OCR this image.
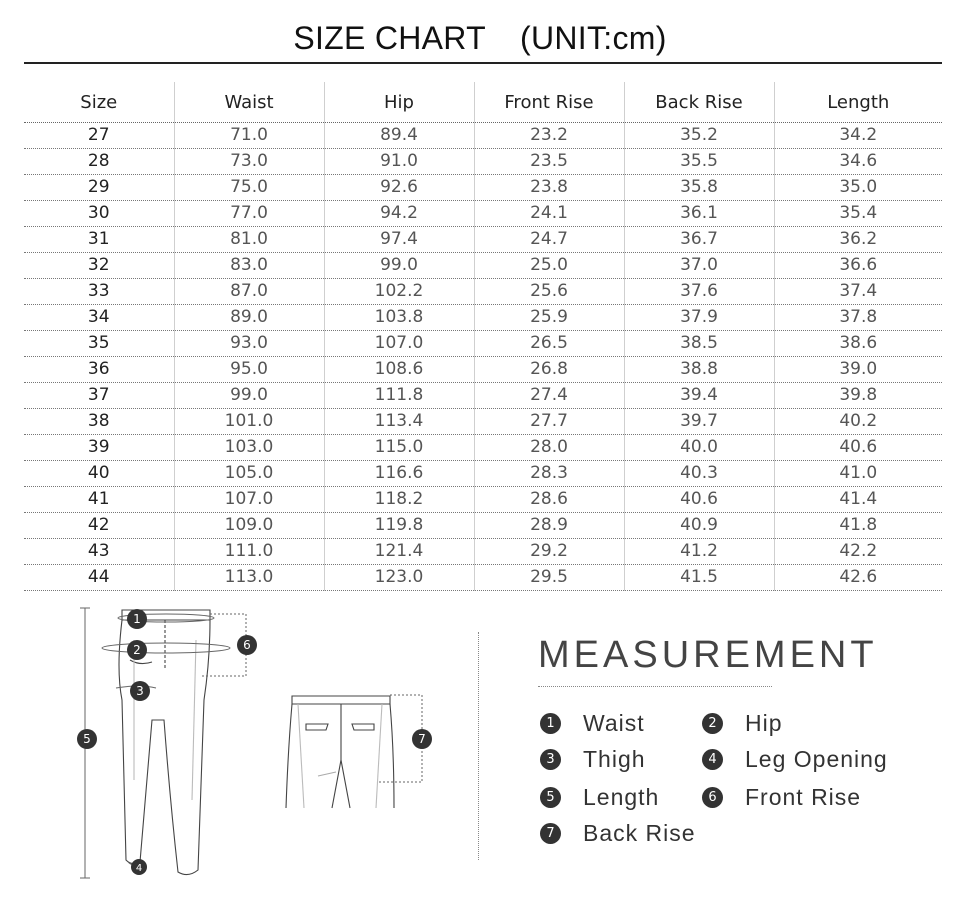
SIZE CHART (UNIT:cm)
Size	Waist	Hip	Front Rise	Back Rise	Length
27	71.0	89.4	23.2	35.2	34.2
28	73.0	91.0	23.5	35.5	34.6
29	75.0	92.6	23.8	35.8	35.0
30	77.0	94.2	24.1	36.1	35.4
31	81.0	97.4	24.7	36.7	36.2
32	83.0	99.0	25.0	37.0	36.6
33	87.0	102.2	25.6	37.6	37.4
34	89.0	103.8	25.9	37.9	37.8
35	93.0	107.0	26.5	38.5	38.6
36	95.0	108.6	26.8	38.8	39.0
37	99.0	111.8	27.4	39.4	39.8
38	101.0	113.4	27.7	39.7	40.2
39	103.0	115.0	28.0	40.0	40.6
40	105.0	116.6	28.3	40.3	41.0
41	107.0	118.2	28.6	40.6	41.4
42	109.0	119.8	28.9	40.9	41.8
43	111.0	121.4	29.2	41.2	42.2
44	113.0	123.0	29.5	41.5	42.6
1
2
3
4
5
6
7
MEASUREMENT
1 Waist	2 Hip
3 Thigh	4 Leg Opening
5 Length	6 Front Rise
7 Back Rise
